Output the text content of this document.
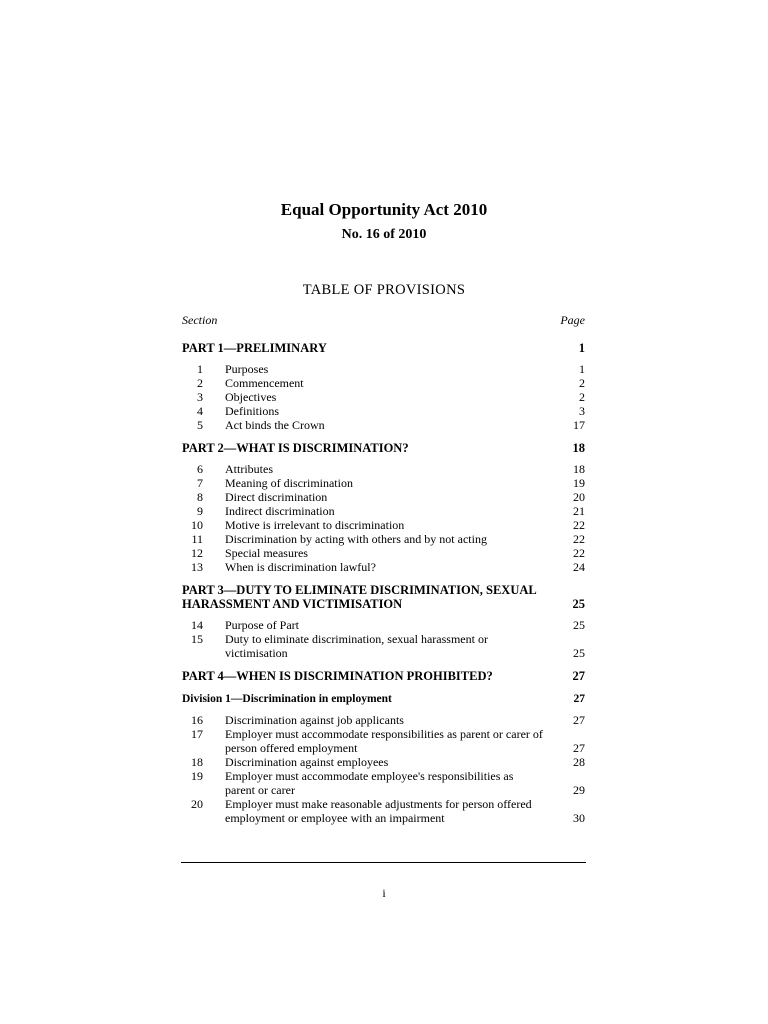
Equal Opportunity Act 2010
No. 16 of 2010
TABLE OF PROVISIONS
Section	Page
PART 1—PRELIMINARY	1
1 Purposes	1
2 Commencement	2
3 Objectives	2
4 Definitions	3
5 Act binds the Crown	17
PART 2—WHAT IS DISCRIMINATION?	18
6 Attributes	18
7 Meaning of discrimination	19
8 Direct discrimination	20
9 Indirect discrimination	21
10 Motive is irrelevant to discrimination	22
11 Discrimination by acting with others and by not acting	22
12 Special measures	22
13 When is discrimination lawful?	24
PART 3—DUTY TO ELIMINATE DISCRIMINATION, SEXUAL HARASSMENT AND VICTIMISATION	25
14 Purpose of Part	25
15 Duty to eliminate discrimination, sexual harassment or victimisation	25
PART 4—WHEN IS DISCRIMINATION PROHIBITED?	27
Division 1—Discrimination in employment	27
16 Discrimination against job applicants	27
17 Employer must accommodate responsibilities as parent or carer of person offered employment	27
18 Discrimination against employees	28
19 Employer must accommodate employee's responsibilities as parent or carer	29
20 Employer must make reasonable adjustments for person offered employment or employee with an impairment	30
i
